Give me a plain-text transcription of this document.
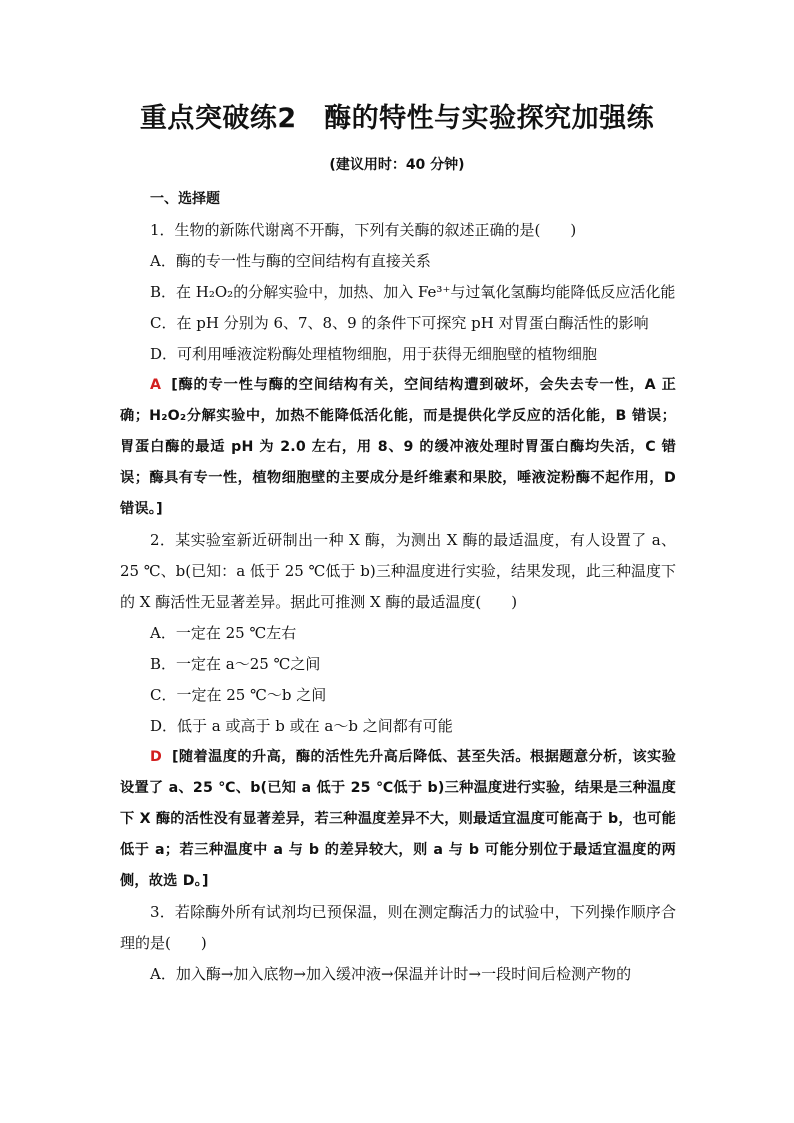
重点突破练2　酶的特性与实验探究加强练
(建议用时：40 分钟)

一、选择题

1．生物的新陈代谢离不开酶，下列有关酶的叙述正确的是(　　)

A．酶的专一性与酶的空间结构有直接关系

B．在 H₂O₂的分解实验中，加热、加入 Fe³⁺与过氧化氢酶均能降低反应活化能

C．在 pH 分别为 6、7、8、9 的条件下可探究 pH 对胃蛋白酶活性的影响

D．可利用唾液淀粉酶处理植物细胞，用于获得无细胞壁的植物细胞

A [酶的专一性与酶的空间结构有关，空间结构遭到破坏，会失去专一性，A 正确；H₂O₂分解实验中，加热不能降低活化能，而是提供化学反应的活化能，B 错误；胃蛋白酶的最适 pH 为 2.0 左右，用 8、9 的缓冲液处理时胃蛋白酶均失活，C 错误；酶具有专一性，植物细胞壁的主要成分是纤维素和果胶，唾液淀粉酶不起作用，D 错误。]

2．某实验室新近研制出一种 X 酶，为测出 X 酶的最适温度，有人设置了 a、25 ℃、b(已知：a 低于 25 ℃低于 b)三种温度进行实验，结果发现，此三种温度下的 X 酶活性无显著差异。据此可推测 X 酶的最适温度(　　)

A．一定在 25 ℃左右

B．一定在 a～25 ℃之间

C．一定在 25 ℃～b 之间

D．低于 a 或高于 b 或在 a～b 之间都有可能

D [随着温度的升高，酶的活性先升高后降低、甚至失活。根据题意分析，该实验设置了 a、25 ℃、b(已知 a 低于 25 ℃低于 b)三种温度进行实验，结果是三种温度下 X 酶的活性没有显著差异，若三种温度差异不大，则最适宜温度可能高于 b，也可能低于 a；若三种温度中 a 与 b 的差异较大，则 a 与 b 可能分别位于最适宜温度的两侧，故选 D。]

3．若除酶外所有试剂均已预保温，则在测定酶活力的试验中，下列操作顺序合理的是(　　)

A．加入酶→加入底物→加入缓冲液→保温并计时→一段时间后检测产物的
